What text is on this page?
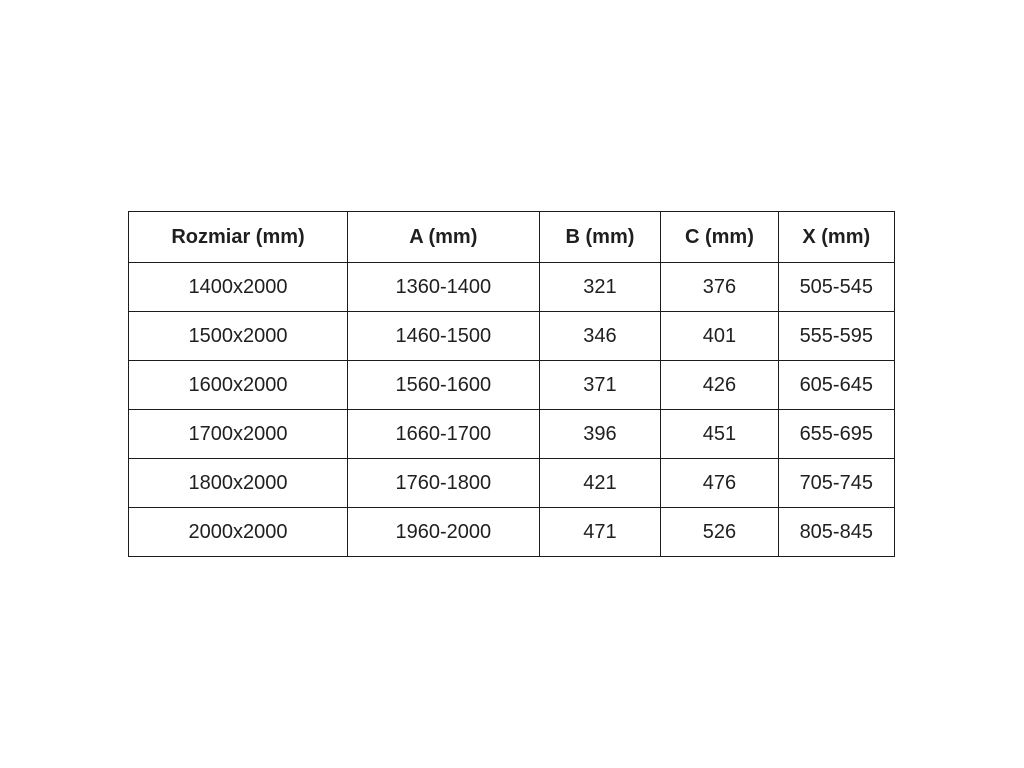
Rozmiar (mm)	A (mm)	B (mm)	C (mm)	X (mm)
1400x2000	1360-1400	321	376	505-545
1500x2000	1460-1500	346	401	555-595
1600x2000	1560-1600	371	426	605-645
1700x2000	1660-1700	396	451	655-695
1800x2000	1760-1800	421	476	705-745
2000x2000	1960-2000	471	526	805-845
